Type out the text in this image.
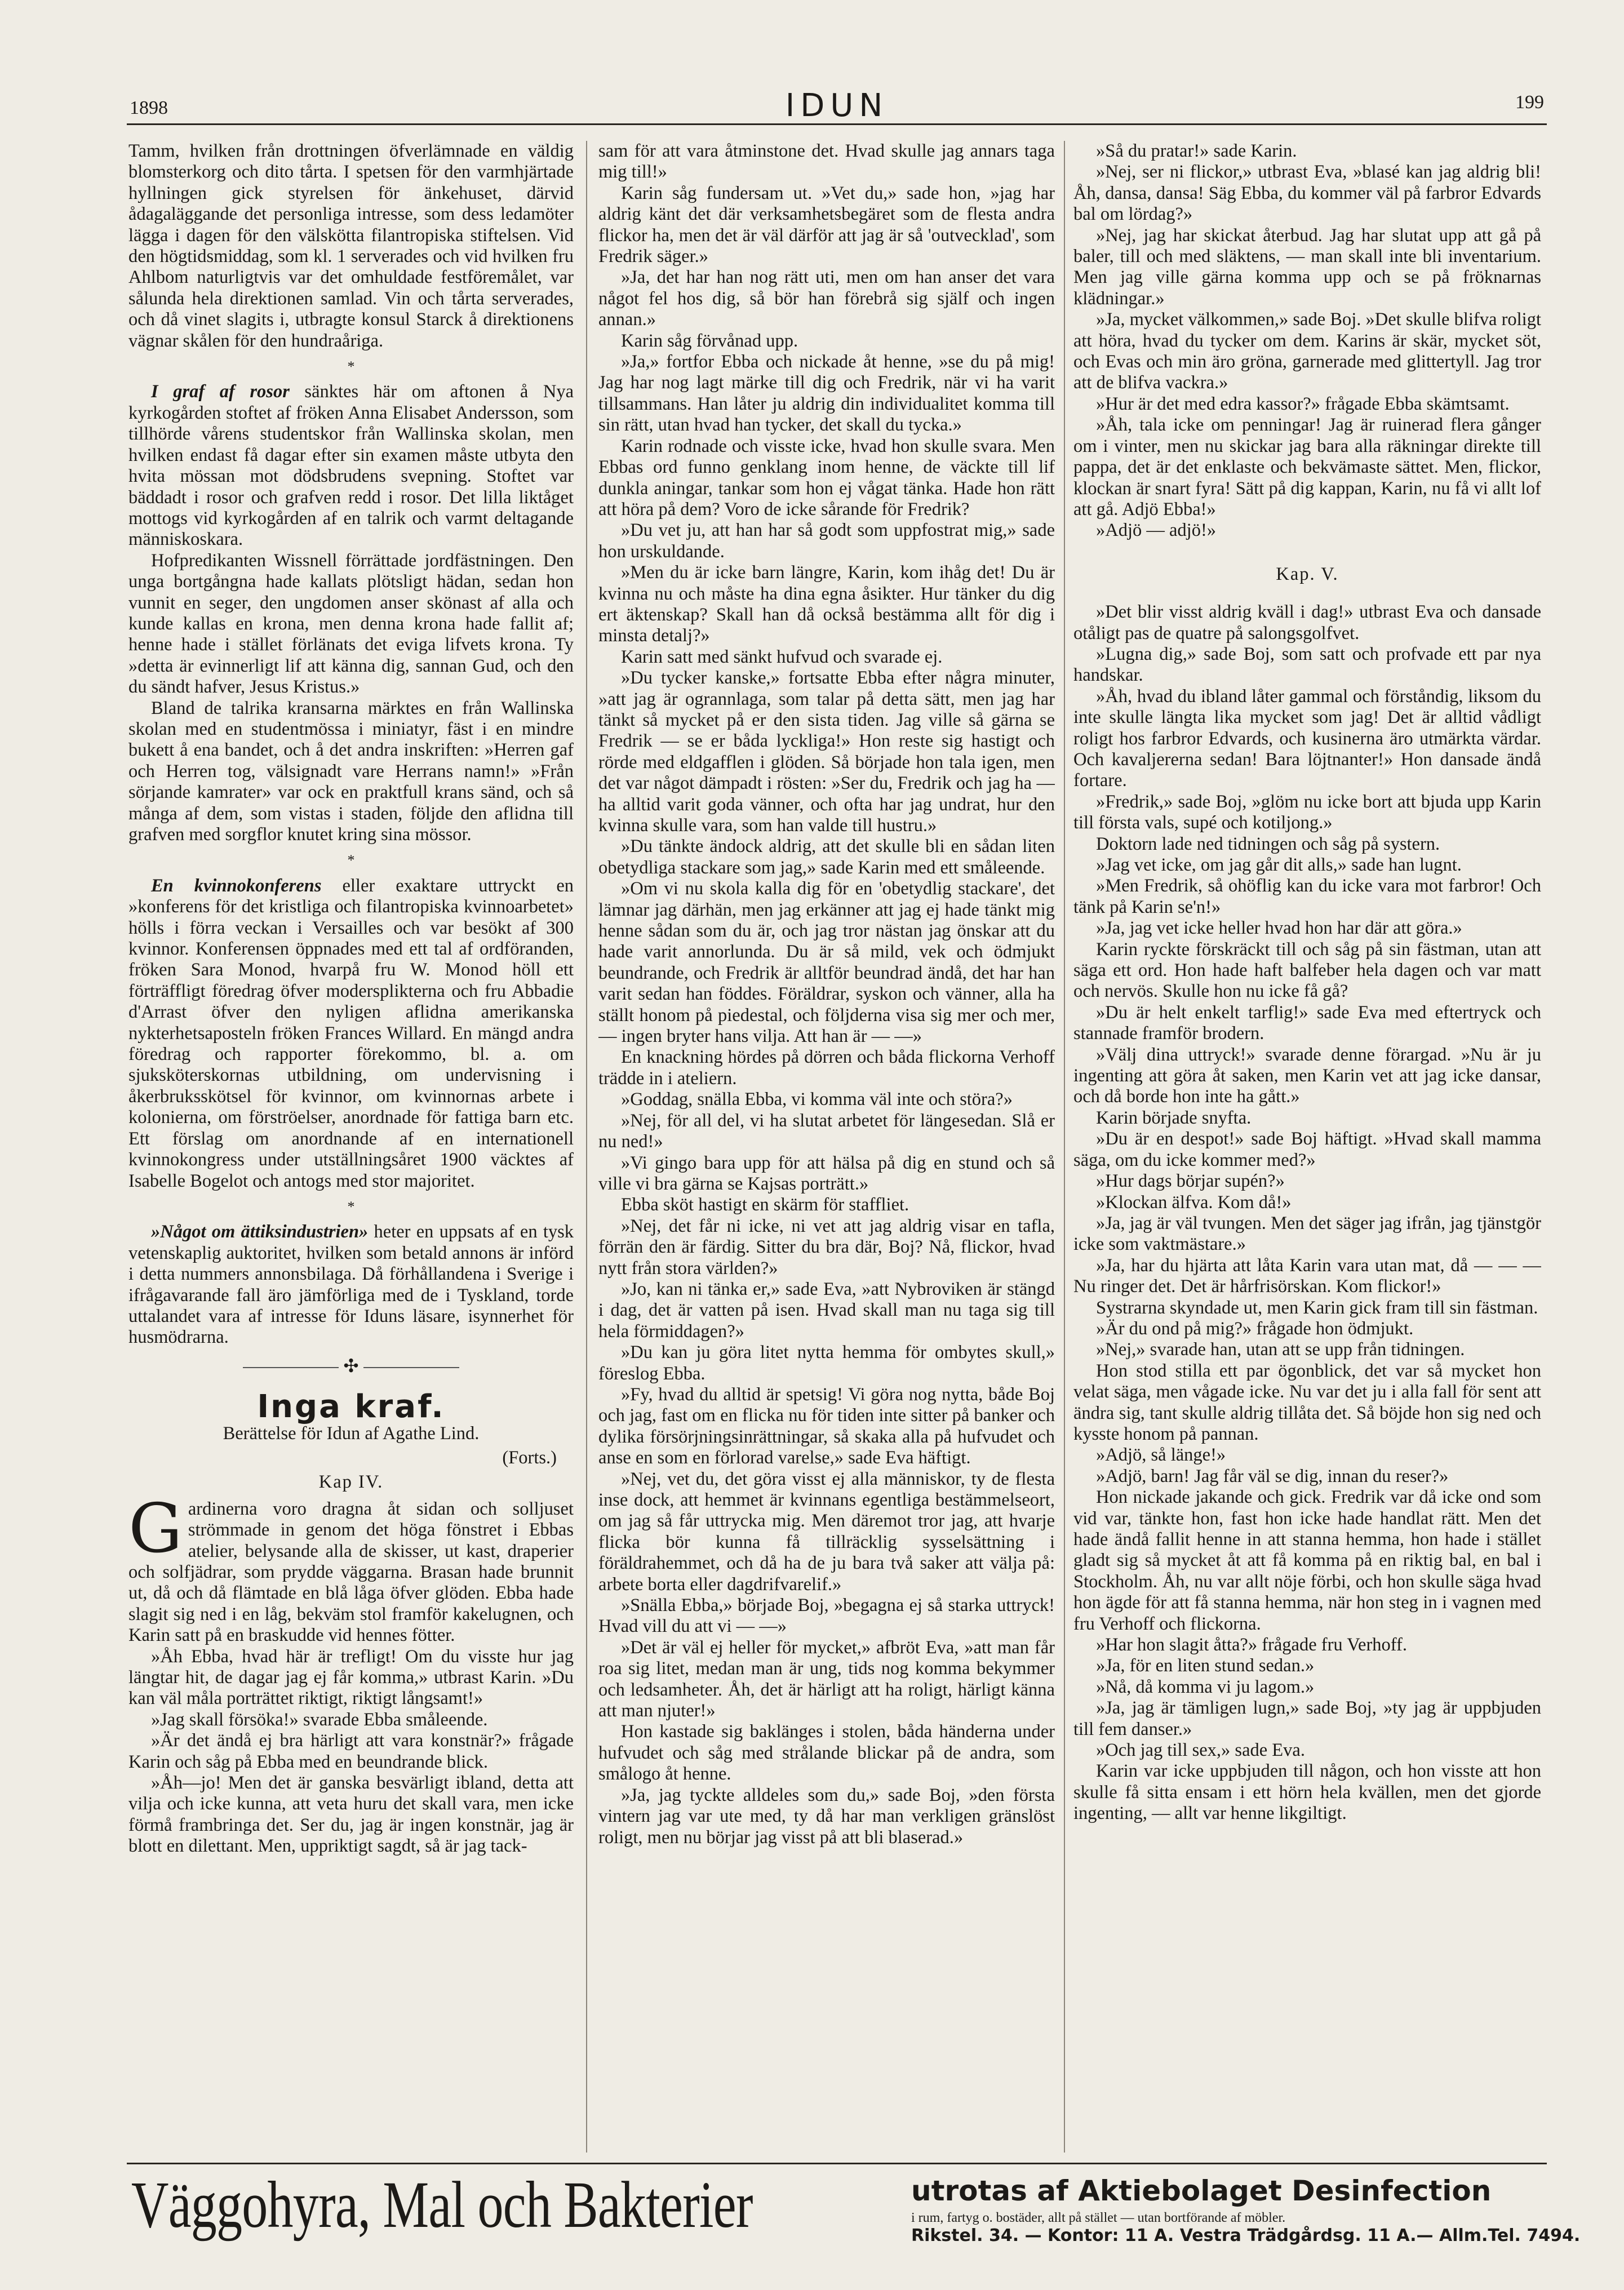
1898	IDUN	199

Tamm, hvilken från drottningen öfverlämnade en väldig blomsterkorg och dito tårta. I spetsen för den varmhjärtade hyllningen gick styrelsen för änkehuset, därvid ådagaläggande det personliga intresse, som dess ledamöter lägga i dagen för den välskötta filantropiska stiftelsen. Vid den högtidsmiddag, som kl. 1 serverades och vid hvilken fru Ahlbom naturligtvis var det omhuldade festföremålet, var sålunda hela direktionen samlad. Vin och tårta serverades, och då vinet slagits i, utbragte konsul Starck å direktionens vägnar skålen för den hundraåriga.

*

I graf af rosor sänktes här om aftonen å Nya kyrkogården stoftet af fröken Anna Elisabet Andersson, som tillhörde vårens studentskor från Wallinska skolan, men hvilken endast få dagar efter sin examen måste utbyta den hvita mössan mot dödsbrudens svepning. Stoftet var bäddadt i rosor och grafven redd i rosor. Det lilla liktåget mottogs vid kyrkogården af en talrik och varmt deltagande människoskara.

Hofpredikanten Wissnell förrättade jordfästningen. Den unga bortgångna hade kallats plötsligt hädan, sedan hon vunnit en seger, den ungdomen anser skönast af alla och kunde kallas en krona, men denna krona hade fallit af; henne hade i stället förlänats det eviga lifvets krona. Ty »detta är evinnerligt lif att känna dig, sannan Gud, och den du sändt hafver, Jesus Kristus.»

Bland de talrika kransarna märktes en från Wallinska skolan med en studentmössa i miniatyr, fäst i en mindre bukett å ena bandet, och å det andra inskriften: »Herren gaf och Herren tog, välsignadt vare Herrans namn!» »Från sörjande kamrater» var ock en praktfull krans sänd, och så många af dem, som vistas i staden, följde den aflidna till grafven med sorgflor knutet kring sina mössor.

*

En kvinnokonferens eller exaktare uttryckt en »konferens för det kristliga och filantropiska kvinnoarbetet» hölls i förra veckan i Versailles och var besökt af 300 kvinnor. Konferensen öppnades med ett tal af ordföranden, fröken Sara Monod, hvarpå fru W. Monod höll ett förträffligt föredrag öfver modersplikterna och fru Abbadie d'Arrast öfver den nyligen aflidna amerikanska nykterhetsaposteln fröken Frances Willard. En mängd andra föredrag och rapporter förekommo, bl. a. om sjuksköterskornas utbildning, om undervisning i åkerbruksskötsel för kvinnor, om kvinnornas arbete i kolonierna, om förströelser, anordnade för fattiga barn etc. Ett förslag om anordnande af en internationell kvinnokongress under utställningsåret 1900 väcktes af Isabelle Bogelot och antogs med stor majoritet.

*

»Något om ättiksindustrien» heter en uppsats af en tysk vetenskaplig auktoritet, hvilken som betald annons är införd i detta nummers annonsbilaga. Då förhållandena i Sverige i ifrågavarande fall äro jämförliga med de i Tyskland, torde uttalandet vara af intresse för Iduns läsare, isynnerhet för husmödrarna.

✣
Inga kraf.
Berättelse för Idun af Agathe Lind.
(Forts.)
Kap IV.

Gardinerna voro dragna åt sidan och solljuset strömmade in genom det höga fönstret i Ebbas atelier, belysande alla de skisser, ut kast, draperier och solfjädrar, som prydde väggarna. Brasan hade brunnit ut, då och då flämtade en blå låga öfver glöden. Ebba hade slagit sig ned i en låg, bekväm stol framför kakelugnen, och Karin satt på en braskudde vid hennes fötter.

»Åh Ebba, hvad här är trefligt! Om du visste hur jag längtar hit, de dagar jag ej får komma,» utbrast Karin. »Du kan väl måla porträttet riktigt, riktigt långsamt!»

»Jag skall försöka!» svarade Ebba småleende.

»Är det ändå ej bra härligt att vara konstnär?» frågade Karin och såg på Ebba med en beundrande blick.

»Åh—jo! Men det är ganska besvärligt ibland, detta att vilja och icke kunna, att veta huru det skall vara, men icke förmå frambringa det. Ser du, jag är ingen konstnär, jag är blott en dilettant. Men, uppriktigt sagdt, så är jag tack-

sam för att vara åtminstone det. Hvad skulle jag annars taga mig till!»

Karin såg fundersam ut. »Vet du,» sade hon, »jag har aldrig känt det där verksamhetsbegäret som de flesta andra flickor ha, men det är väl därför att jag är så 'outvecklad', som Fredrik säger.»

»Ja, det har han nog rätt uti, men om han anser det vara något fel hos dig, så bör han förebrå sig själf och ingen annan.»

Karin såg förvånad upp.

»Ja,» fortfor Ebba och nickade åt henne, »se du på mig! Jag har nog lagt märke till dig och Fredrik, när vi ha varit tillsammans. Han låter ju aldrig din individualitet komma till sin rätt, utan hvad han tycker, det skall du tycka.»

Karin rodnade och visste icke, hvad hon skulle svara. Men Ebbas ord funno genklang inom henne, de väckte till lif dunkla aningar, tankar som hon ej vågat tänka. Hade hon rätt att höra på dem? Voro de icke sårande för Fredrik?

»Du vet ju, att han har så godt som uppfostrat mig,» sade hon urskuldande.

»Men du är icke barn längre, Karin, kom ihåg det! Du är kvinna nu och måste ha dina egna åsikter. Hur tänker du dig ert äktenskap? Skall han då också bestämma allt för dig i minsta detalj?»

Karin satt med sänkt hufvud och svarade ej.

»Du tycker kanske,» fortsatte Ebba efter några minuter, »att jag är ogrannlaga, som talar på detta sätt, men jag har tänkt så mycket på er den sista tiden. Jag ville så gärna se Fredrik — se er båda lyckliga!» Hon reste sig hastigt och rörde med eldgafflen i glöden. Så började hon tala igen, men det var något dämpadt i rösten: »Ser du, Fredrik och jag ha — ha alltid varit goda vänner, och ofta har jag undrat, hur den kvinna skulle vara, som han valde till hustru.»

»Du tänkte ändock aldrig, att det skulle bli en sådan liten obetydliga stackare som jag,» sade Karin med ett småleende.

»Om vi nu skola kalla dig för en 'obetydlig stackare', det lämnar jag därhän, men jag erkänner att jag ej hade tänkt mig henne sådan som du är, och jag tror nästan jag önskar att du hade varit annorlunda. Du är så mild, vek och ödmjukt beundrande, och Fredrik är alltför beundrad ändå, det har han varit sedan han föddes. Föräldrar, syskon och vänner, alla ha ställt honom på piedestal, och följderna visa sig mer och mer, — ingen bryter hans vilja. Att han är — —»

En knackning hördes på dörren och båda flickorna Verhoff trädde in i ateliern.

»Goddag, snälla Ebba, vi komma väl inte och störa?»

»Nej, för all del, vi ha slutat arbetet för längesedan. Slå er nu ned!»

»Vi gingo bara upp för att hälsa på dig en stund och så ville vi bra gärna se Kajsas porträtt.»

Ebba sköt hastigt en skärm för staffliet.

»Nej, det får ni icke, ni vet att jag aldrig visar en tafla, förrän den är färdig. Sitter du bra där, Boj? Nå, flickor, hvad nytt från stora världen?»

»Jo, kan ni tänka er,» sade Eva, »att Nybroviken är stängd i dag, det är vatten på isen. Hvad skall man nu taga sig till hela förmiddagen?»

»Du kan ju göra litet nytta hemma för ombytes skull,» föreslog Ebba.

»Fy, hvad du alltid är spetsig! Vi göra nog nytta, både Boj och jag, fast om en flicka nu för tiden inte sitter på banker och dylika försörjningsinrättningar, så skaka alla på hufvudet och anse en som en förlorad varelse,» sade Eva häftigt.

»Nej, vet du, det göra visst ej alla människor, ty de flesta inse dock, att hemmet är kvinnans egentliga bestämmelseort, om jag så får uttrycka mig. Men däremot tror jag, att hvarje flicka bör kunna få tillräcklig sysselsättning i föräldrahemmet, och då ha de ju bara två saker att välja på: arbete borta eller dagdrifvarelif.»

»Snälla Ebba,» började Boj, »begagna ej så starka uttryck! Hvad vill du att vi — —»

»Det är väl ej heller för mycket,» afbröt Eva, »att man får roa sig litet, medan man är ung, tids nog komma bekymmer och ledsamheter. Åh, det är härligt att ha roligt, härligt känna att man njuter!»

Hon kastade sig baklänges i stolen, båda händerna under hufvudet och såg med strålande blickar på de andra, som smålogo åt henne.

»Ja, jag tyckte alldeles som du,» sade Boj, »den första vintern jag var ute med, ty då har man verkligen gränslöst roligt, men nu börjar jag visst på att bli blaserad.»

»Så du pratar!» sade Karin.

»Nej, ser ni flickor,» utbrast Eva, »blasé kan jag aldrig bli! Åh, dansa, dansa! Säg Ebba, du kommer väl på farbror Edvards bal om lördag?»

»Nej, jag har skickat återbud. Jag har slutat upp att gå på baler, till och med släktens, — man skall inte bli inventarium. Men jag ville gärna komma upp och se på fröknarnas klädningar.»

»Ja, mycket välkommen,» sade Boj. »Det skulle blifva roligt att höra, hvad du tycker om dem. Karins är skär, mycket söt, och Evas och min äro gröna, garnerade med glittertyll. Jag tror att de blifva vackra.»

»Hur är det med edra kassor?» frågade Ebba skämtsamt.

»Åh, tala icke om penningar! Jag är ruinerad flera gånger om i vinter, men nu skickar jag bara alla räkningar direkte till pappa, det är det enklaste och bekvämaste sättet. Men, flickor, klockan är snart fyra! Sätt på dig kappan, Karin, nu få vi allt lof att gå. Adjö Ebba!»

»Adjö — adjö!»

Kap. V.

»Det blir visst aldrig kväll i dag!» utbrast Eva och dansade otåligt pas de quatre på salongsgolfvet.

»Lugna dig,» sade Boj, som satt och profvade ett par nya handskar.

»Åh, hvad du ibland låter gammal och förståndig, liksom du inte skulle längta lika mycket som jag! Det är alltid vådligt roligt hos farbror Edvards, och kusinerna äro utmärkta värdar. Och kavaljererna sedan! Bara löjtnanter!» Hon dansade ändå fortare.

»Fredrik,» sade Boj, »glöm nu icke bort att bjuda upp Karin till första vals, supé och kotiljong.»

Doktorn lade ned tidningen och såg på systern.

»Jag vet icke, om jag går dit alls,» sade han lugnt.

»Men Fredrik, så ohöflig kan du icke vara mot farbror! Och tänk på Karin se'n!»

»Ja, jag vet icke heller hvad hon har där att göra.»

Karin ryckte förskräckt till och såg på sin fästman, utan att säga ett ord. Hon hade haft balfeber hela dagen och var matt och nervös. Skulle hon nu icke få gå?

»Du är helt enkelt tarflig!» sade Eva med eftertryck och stannade framför brodern.

»Välj dina uttryck!» svarade denne förargad. »Nu är ju ingenting att göra åt saken, men Karin vet att jag icke dansar, och då borde hon inte ha gått.»

Karin började snyfta.

»Du är en despot!» sade Boj häftigt. »Hvad skall mamma säga, om du icke kommer med?»

»Hur dags börjar supén?»

»Klockan älfva. Kom då!»

»Ja, jag är väl tvungen. Men det säger jag ifrån, jag tjänstgör icke som vaktmästare.»

»Ja, har du hjärta att låta Karin vara utan mat, då — — — Nu ringer det. Det är hårfrisörskan. Kom flickor!»

Systrarna skyndade ut, men Karin gick fram till sin fästman.

»Är du ond på mig?» frågade hon ödmjukt.

»Nej,» svarade han, utan att se upp från tidningen.

Hon stod stilla ett par ögonblick, det var så mycket hon velat säga, men vågade icke. Nu var det ju i alla fall för sent att ändra sig, tant skulle aldrig tillåta det. Så böjde hon sig ned och kysste honom på pannan.

»Adjö, så länge!»

»Adjö, barn! Jag får väl se dig, innan du reser?»

Hon nickade jakande och gick. Fredrik var då icke ond som vid var, tänkte hon, fast hon icke hade handlat rätt. Men det hade ändå fallit henne in att stanna hemma, hon hade i stället gladt sig så mycket åt att få komma på en riktig bal, en bal i Stockholm. Åh, nu var allt nöje förbi, och hon skulle säga hvad hon ägde för att få stanna hemma, när hon steg in i vagnen med fru Verhoff och flickorna.

»Har hon slagit åtta?» frågade fru Verhoff.

»Ja, för en liten stund sedan.»

»Nå, då komma vi ju lagom.»

»Ja, jag är tämligen lugn,» sade Boj, »ty jag är uppbjuden till fem danser.»

»Och jag till sex,» sade Eva.

Karin var icke uppbjuden till någon, och hon visste att hon skulle få sitta ensam i ett hörn hela kvällen, men det gjorde ingenting, — allt var henne likgiltigt.

Väggohyra, Mal och Bakterier	utrotas af Aktiebolaget Desinfection
i rum, fartyg o. bostäder, allt på stället — utan bortförande af möbler.
Rikstel. 34. — Kontor: 11 A. Vestra Trädgårdsg. 11 A.— Allm.Tel. 7494.
